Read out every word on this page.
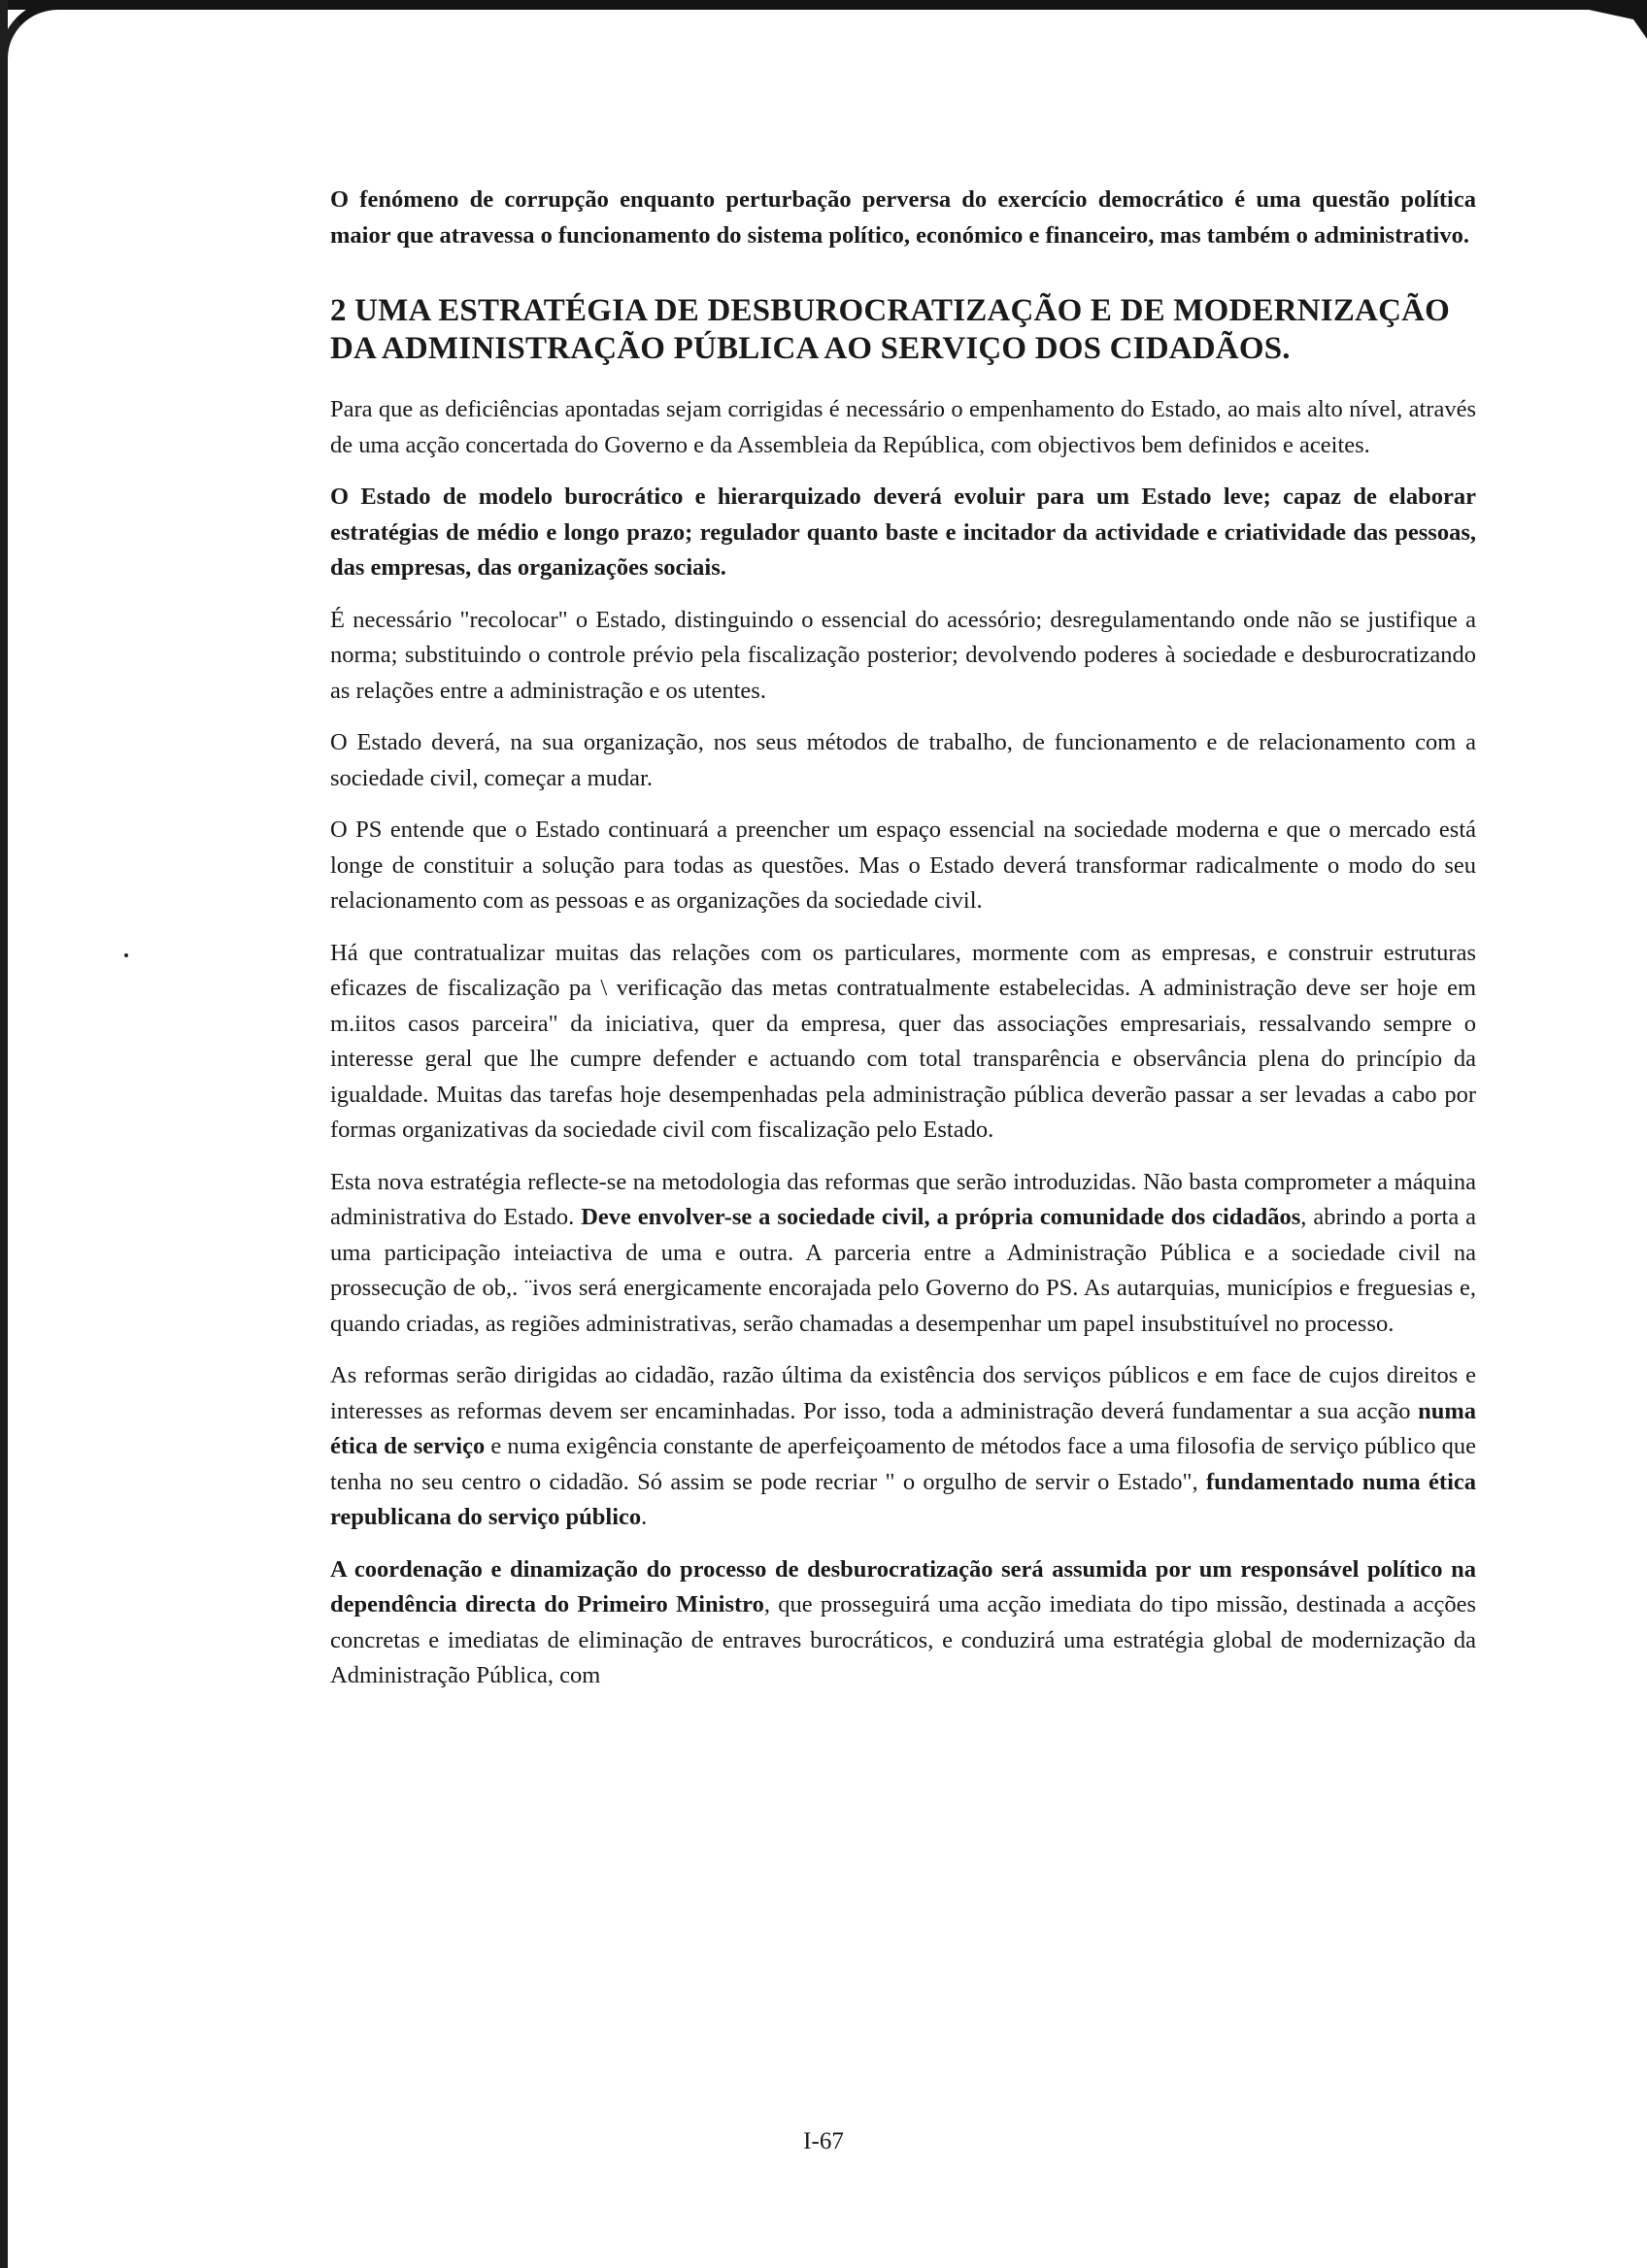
O fenómeno de corrupção enquanto perturbação perversa do exercício democrático é uma questão política maior que atravessa o funcionamento do sistema político, económico e financeiro, mas também o administrativo.

2 UMA ESTRATÉGIA DE DESBUROCRATIZAÇÃO E DE MODERNIZAÇÃO DA ADMINISTRAÇÃO PÚBLICA AO SERVIÇO DOS CIDADÃOS.

Para que as deficiências apontadas sejam corrigidas é necessário o empenhamento do Estado, ao mais alto nível, através de uma acção concertada do Governo e da Assembleia da República, com objectivos bem definidos e aceites.

O Estado de modelo burocrático e hierarquizado deverá evoluir para um Estado leve; capaz de elaborar estratégias de médio e longo prazo; regulador quanto baste e incitador da actividade e criatividade das pessoas, das empresas, das organizações sociais.

É necessário "recolocar" o Estado, distinguindo o essencial do acessório; desregulamentando onde não se justifique a norma; substituindo o controle prévio pela fiscalização posterior; devolvendo poderes à sociedade e desburocratizando as relações entre a administração e os utentes.

O Estado deverá, na sua organização, nos seus métodos de trabalho, de funcionamento e de relacionamento com a sociedade civil, começar a mudar.

O PS entende que o Estado continuará a preencher um espaço essencial na sociedade moderna e que o mercado está longe de constituir a solução para todas as questões. Mas o Estado deverá transformar radicalmente o modo do seu relacionamento com as pessoas e as organizações da sociedade civil.

Há que contratualizar muitas das relações com os particulares, mormente com as empresas, e construir estruturas eficazes de fiscalização pa \ verificação das metas contratualmente estabelecidas. A administração deve ser hoje em m.iitos casos parceira" da iniciativa, quer da empresa, quer das associações empresariais, ressalvando sempre o interesse geral que lhe cumpre defender e actuando com total transparência e observância plena do princípio da igualdade. Muitas das tarefas hoje desempenhadas pela administração pública deverão passar a ser levadas a cabo por formas organizativas da sociedade civil com fiscalização pelo Estado.

Esta nova estratégia reflecte-se na metodologia das reformas que serão introduzidas. Não basta comprometer a máquina administrativa do Estado. Deve envolver-se a sociedade civil, a própria comunidade dos cidadãos, abrindo a porta a uma participação inteiactiva de uma e outra. A parceria entre a Administração Pública e a sociedade civil na prossecução de ob,. ¨ivos será energicamente encorajada pelo Governo do PS. As autarquias, municípios e freguesias e, quando criadas, as regiões administrativas, serão chamadas a desempenhar um papel insubstituível no processo.

As reformas serão dirigidas ao cidadão, razão última da existência dos serviços públicos e em face de cujos direitos e interesses as reformas devem ser encaminhadas. Por isso, toda a administração deverá fundamentar a sua acção numa ética de serviço e numa exigência constante de aperfeiçoamento de métodos face a uma filosofia de serviço público que tenha no seu centro o cidadão. Só assim se pode recriar " o orgulho de servir o Estado", fundamentado numa ética republicana do serviço público.

A coordenação e dinamização do processo de desburocratização será assumida por um responsável político na dependência directa do Primeiro Ministro, que prosseguirá uma acção imediata do tipo missão, destinada a acções concretas e imediatas de eliminação de entraves burocráticos, e conduzirá uma estratégia global de modernização da Administração Pública, com

I-67
